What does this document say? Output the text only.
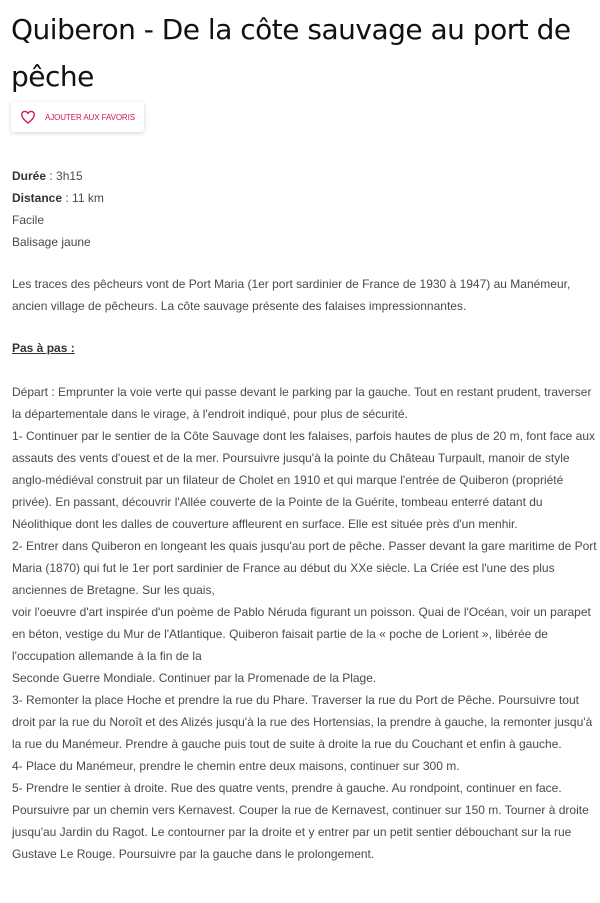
Quiberon - De la côte sauvage au port de pêche
AJOUTER AUX FAVORIS
Durée : 3h15
Distance : 11 km
Facile
Balisage jaune

Les traces des pêcheurs vont de Port Maria (1er port sardinier de France de 1930 à 1947) au Manémeur, ancien village de pêcheurs. La côte sauvage présente des falaises impressionnantes.

Pas à pas :

Départ : Emprunter la voie verte qui passe devant le parking par la gauche. Tout en restant prudent, traverser la départementale dans le virage, à l'endroit indiqué, pour plus de sécurité.
1- Continuer par le sentier de la Côte Sauvage dont les falaises, parfois hautes de plus de 20 m, font face aux assauts des vents d'ouest et de la mer. Poursuivre jusqu'à la pointe du Château Turpault, manoir de style anglo-médiéval construit par un filateur de Cholet en 1910 et qui marque l'entrée de Quiberon (propriété privée). En passant, découvrir l'Allée couverte de la Pointe de la Guérite, tombeau enterré datant du Néolithique dont les dalles de couverture affleurent en surface. Elle est située près d'un menhir.
2- Entrer dans Quiberon en longeant les quais jusqu'au port de pêche. Passer devant la gare maritime de Port Maria (1870) qui fut le 1er port sardinier de France au début du XXe siècle. La Criée est l'une des plus anciennes de Bretagne. Sur les quais,
voir l'oeuvre d'art inspirée d'un poème de Pablo Néruda figurant un poisson. Quai de l'Océan, voir un parapet en béton, vestige du Mur de l'Atlantique. Quiberon faisait partie de la « poche de Lorient », libérée de l'occupation allemande à la fin de la
Seconde Guerre Mondiale. Continuer par la Promenade de la Plage.
3- Remonter la place Hoche et prendre la rue du Phare. Traverser la rue du Port de Pêche. Poursuivre tout droit par la rue du Noroît et des Alizés jusqu'à la rue des Hortensias, la prendre à gauche, la remonter jusqu'à la rue du Manémeur. Prendre à gauche puis tout de suite à droite la rue du Couchant et enfin à gauche.
4- Place du Manémeur, prendre le chemin entre deux maisons, continuer sur 300 m.
5- Prendre le sentier à droite. Rue des quatre vents, prendre à gauche. Au rondpoint, continuer en face. Poursuivre par un chemin vers Kernavest. Couper la rue de Kernavest, continuer sur 150 m. Tourner à droite jusqu'au Jardin du Ragot. Le contourner par la droite et y entrer par un petit sentier débouchant sur la rue Gustave Le Rouge. Poursuivre par la gauche dans le prolongement.
